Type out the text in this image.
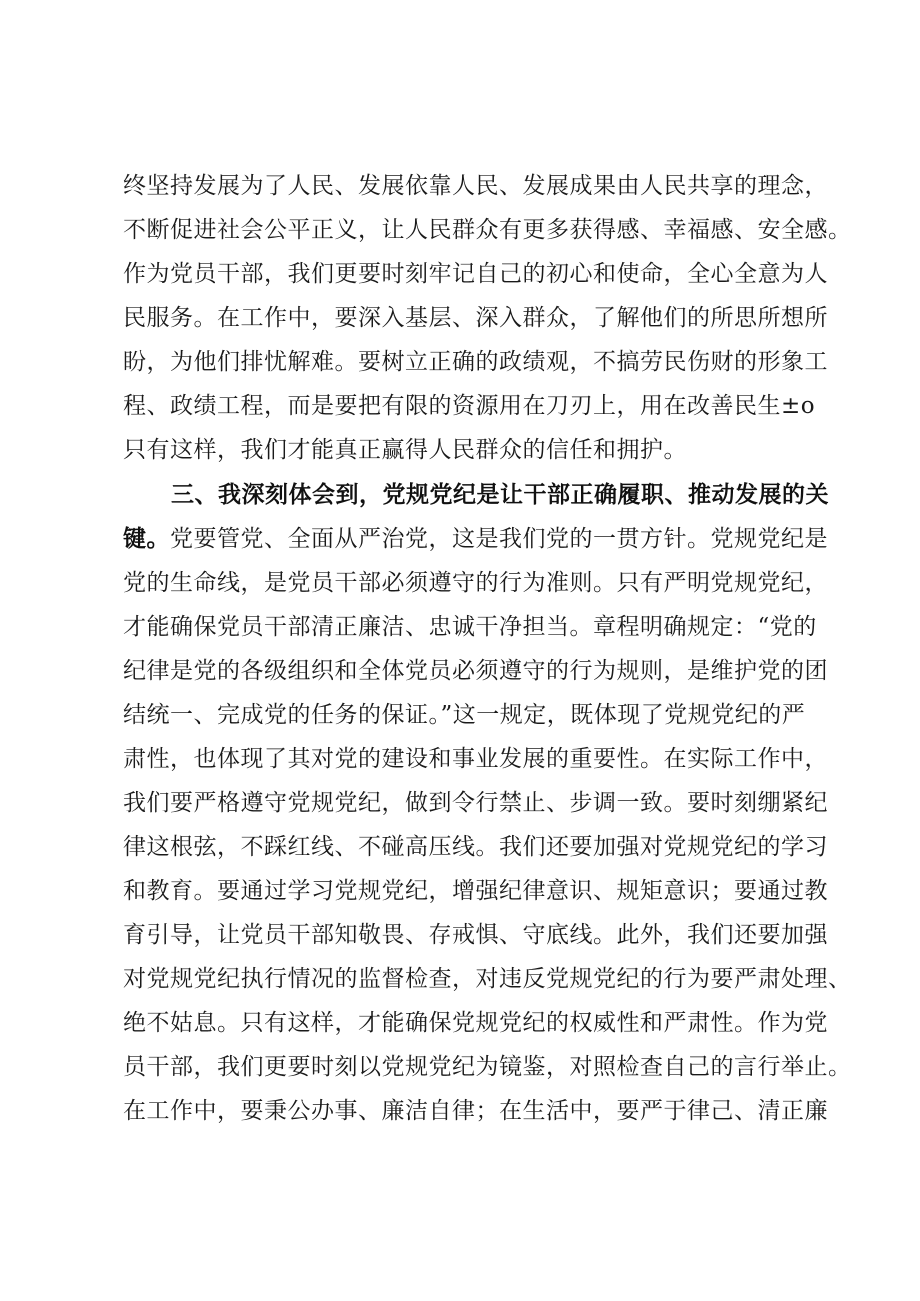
终坚持发展为了人民、发展依靠人民、发展成果由人民共享的理念，
不断促进社会公平正义，让人民群众有更多获得感、幸福感、安全感。
作为党员干部，我们更要时刻牢记自己的初心和使命，全心全意为人
民服务。在工作中，要深入基层、深入群众，了解他们的所思所想所
盼，为他们排忧解难。要树立正确的政绩观，不搞劳民伤财的形象工
程、政绩工程，而是要把有限的资源用在刀刃上，用在改善民生±o
只有这样，我们才能真正赢得人民群众的信任和拥护。
三、我深刻体会到，党规党纪是让干部正确履职、推动发展的关
键。党要管党、全面从严治党，这是我们党的一贯方针。党规党纪是
党的生命线，是党员干部必须遵守的行为准则。只有严明党规党纪，
才能确保党员干部清正廉洁、忠诚干净担当。章程明确规定：“党的
纪律是党的各级组织和全体党员必须遵守的行为规则，是维护党的团
结统一、完成党的任务的保证。”这一规定，既体现了党规党纪的严
肃性，也体现了其对党的建设和事业发展的重要性。在实际工作中，
我们要严格遵守党规党纪，做到令行禁止、步调一致。要时刻绷紧纪
律这根弦，不踩红线、不碰高压线。我们还要加强对党规党纪的学习
和教育。要通过学习党规党纪，增强纪律意识、规矩意识；要通过教
育引导，让党员干部知敬畏、存戒惧、守底线。此外，我们还要加强
对党规党纪执行情况的监督检查，对违反党规党纪的行为要严肃处理、
绝不姑息。只有这样，才能确保党规党纪的权威性和严肃性。作为党
员干部，我们更要时刻以党规党纪为镜鉴，对照检查自己的言行举止。
在工作中，要秉公办事、廉洁自律；在生活中，要严于律己、清正廉
